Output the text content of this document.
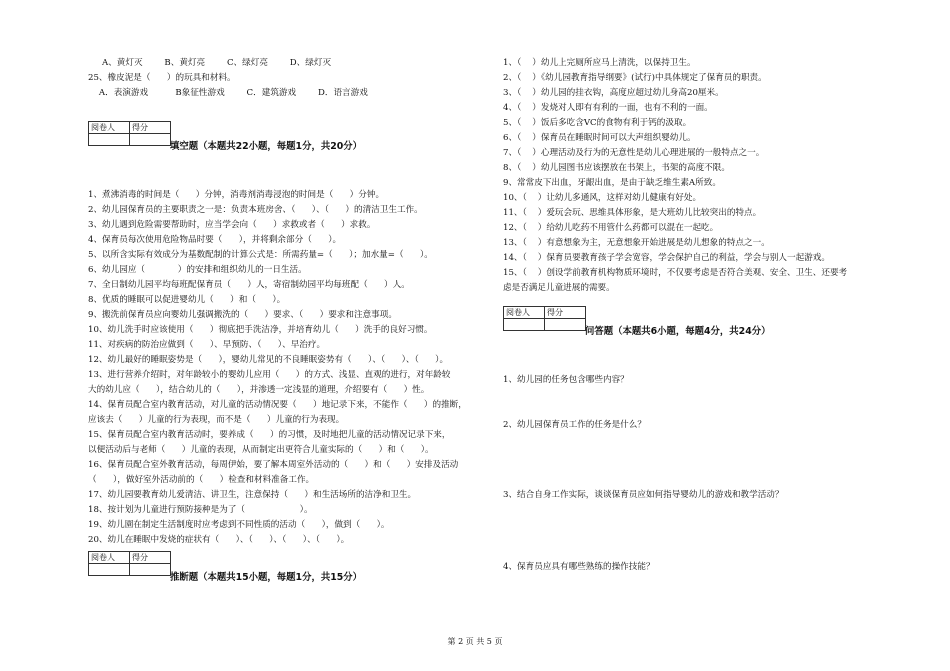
A、黄灯灭        B、黄灯亮        C、绿灯亮        D、绿灯灭
25、橡皮泥是（      ）的玩具和材料。
A．表演游戏          B象征性游戏        C．建筑游戏        D．语言游戏
阅卷人	得分

填空题（本题共22小题，每题1分，共20分）
1、煮沸消毒的时间是（      ）分钟，消毒剂消毒浸泡的时间是（      ）分钟。
2、幼儿园保育员的主要职责之一是：负责本班房舍、（      ）、（      ）的清洁卫生工作。
3、幼儿遇到危险需要帮助时，应当学会向（      ）求救或者（      ）求救。
4、保育员每次使用危险物品时要（      ），并将剩余部分（      ）。
5、以所含实际有效成分为基数配制的计算公式是：所需药量=（      ）；加水量=（      ）。
6、幼儿园应（            ）的安排和组织幼儿的一日生活。
7、全日制幼儿园平均每班配保育员（      ）人，寄宿制幼园平均每班配（      ）人。
8、优质的睡眠可以促进婴幼儿（      ）和（      ）。
9、搬洗前保育员应向婴幼儿强调搬洗的（      ）要求、（      ）要求和注意事项。
10、幼儿洗手时应该使用（      ）彻底把手洗洁净，并培育幼儿（      ）洗手的良好习惯。
11、对疾病的防治应做到（      ）、早预防、（      ）、早治疗。
12、幼儿最好的睡眠姿势是（      ），婴幼儿常见的不良睡眠姿势有（      ）、（      ）、（      ）。
13、进行营养介绍时，对年龄较小的婴幼儿应用（      ）的方式、浅显、直观的进行，对年龄较
大的幼儿应（      ），结合幼儿的（      ），并渗透一定浅显的道理，介绍要有（      ）性。
14、保育员配合室内教育活动，对儿童的活动情况要（      ）地记录下来，不能作（      ）的推断，
应该去（      ）儿童的行为表现，而不是（      ）儿童的行为表现。
15、保育员配合室内教育活动时，要养成（      ）的习惯，及时地把儿童的活动情况记录下来，
以便活动后与老师（      ）儿童的表现，从而制定出更符合儿童实际的（      ）和（      ）。
16、保育员配合室外教育活动，每周伊始，要了解本周室外活动的（      ）和（      ）安排及活动
（      ），做好室外活动前的（      ）检查和材料准备工作。
17、幼儿园要教育幼儿爱清洁、讲卫生，注意保持（      ）和生活场所的洁净和卫生。
18、按计划为儿童进行预防接种是为了（                    ）。
19、幼儿園在制定生活制度时应考虑到不同性质的活动（      ），做到（      ）。
20、幼儿在睡眠中发烧的症状有（      ）、（      ）、（      ）、（      ）。
阅卷人	得分

推断题（本题共15小题，每题1分，共15分）
1、（    ）幼儿上完厕所应马上清洗，以保持卫生。
2、（    ）《幼儿园教育指导纲要》(试行)中具体规定了保育员的职责。
3、（    ）幼儿园的挂衣钩，高度应超过幼儿身高20厘米。
4、（    ）发烧对人即有有利的一面，也有不利的一面。
5、（    ）饭后多吃含VC的食物有利于钙的汲取。
6、（    ）保育员在睡眠时间可以大声组织婴幼儿。
7、（    ）心理活动及行为的无意性是幼儿心理进展的一般特点之一。
8、（    ）幼儿园图书应该摆放在书架上，书架的高度不限。
9、常常皮下出血，牙龈出血，是由于缺乏维生素A所致。
10、（    ）让幼儿多通风，这样对幼儿健康有好处。
11、（    ）爱玩会玩、思维具体形象，是大班幼儿比较突出的特点。
12、（    ）给幼儿吃药不用管什么药都可以混在一起吃。
13、（    ）有意想象为主，无意想象开始进展是幼儿想象的特点之一。
14、（    ）保育员要教育孩子学会宽容，学会保护自己的利益，学会与别人一起游戏。
15、（    ）创设学前教育机构物质环境时，不仅要考虑是否符合美观、安全、卫生、还要考
虑是否满足儿童进展的需要。
阅卷人	得分

问答题（本题共6小题，每题4分，共24分）
1、幼儿园的任务包含哪些内容？
2、幼儿园保育员工作的任务是什么？
3、结合自身工作实际，谈谈保育员应如何指导婴幼儿的游戏和教学活动？
4、保育员应具有哪些熟练的操作技能？
第 2 页 共 5 页
